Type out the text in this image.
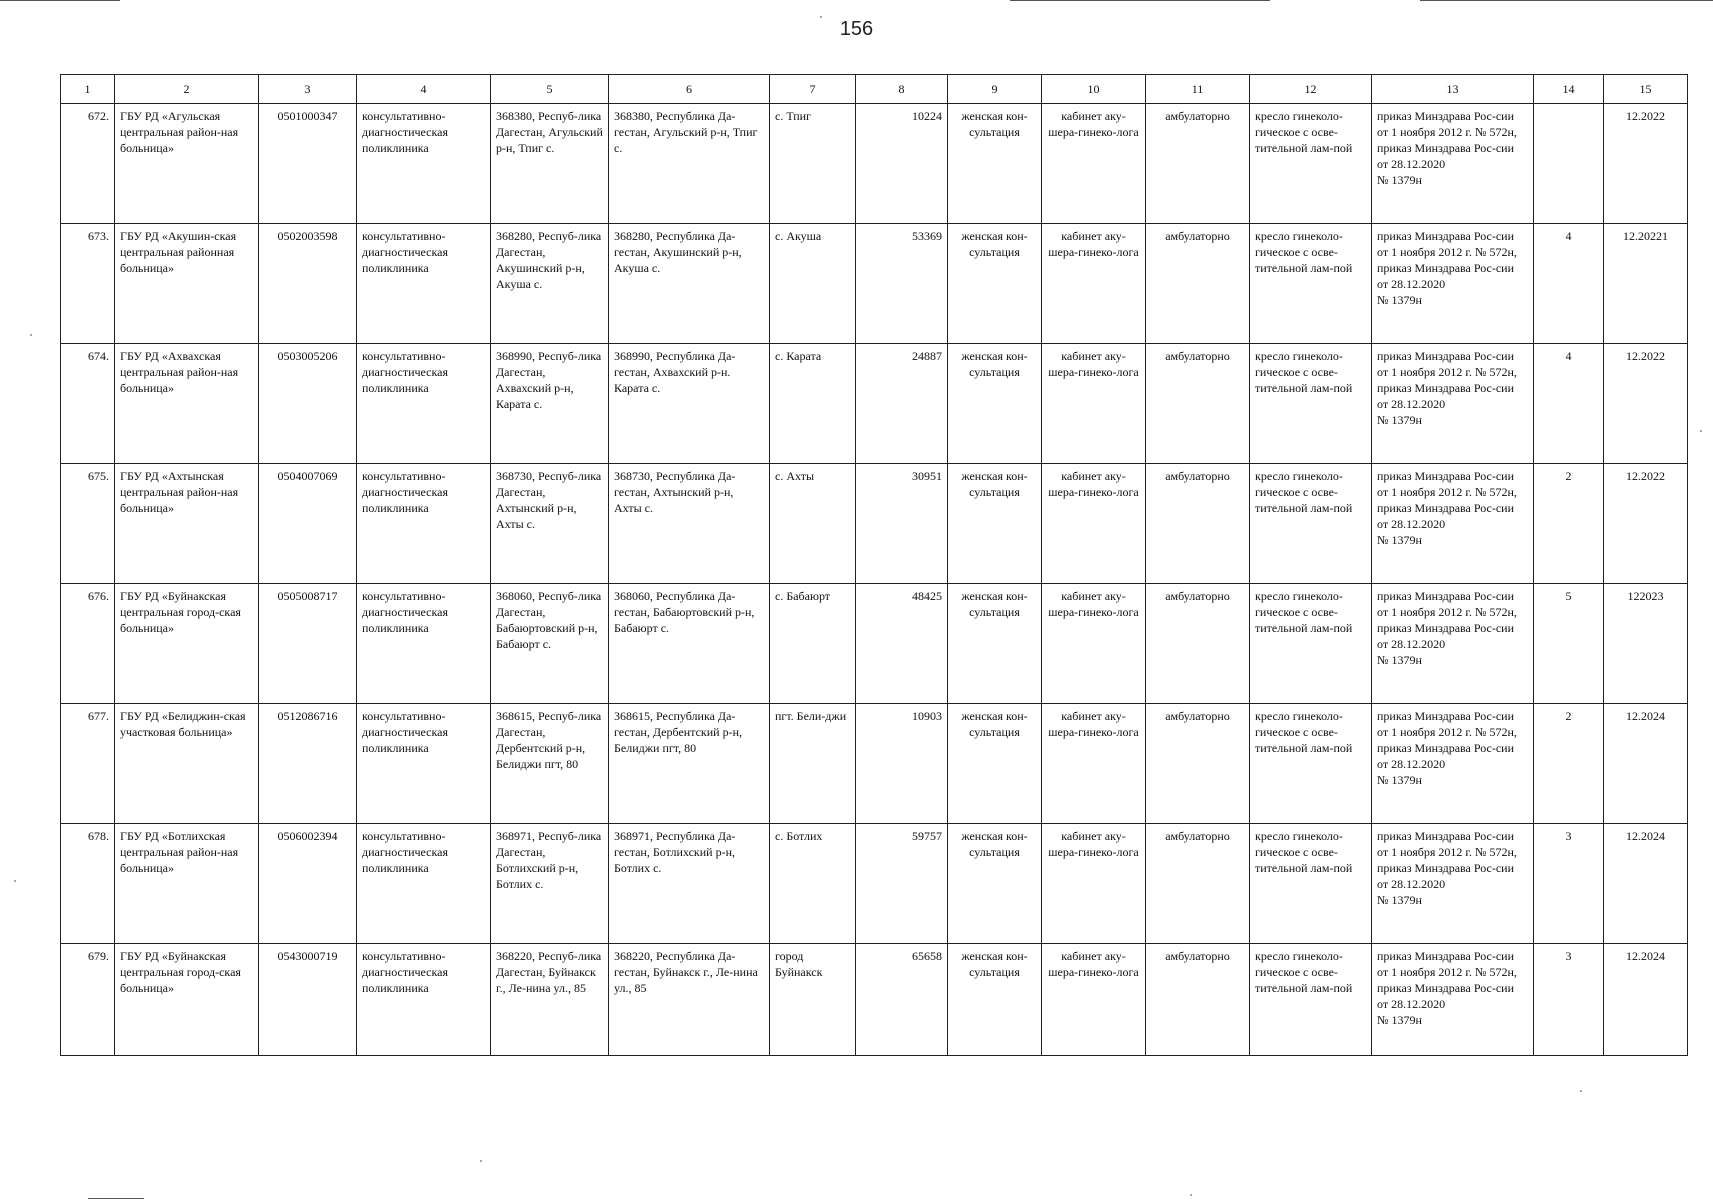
156
1	2	3	4	5	6	7	8	9	10	11	12	13	14	15
672.	ГБУ РД «Агульская центральная район-ная больница»	0501000347	консультативно-диагностическая поликлиника	368380, Респуб-лика Дагестан, Агульский р-н, Тпиг с.	368380, Республика Да-гестан, Агульский р-н, Тпиг с.	с. Тпиг	10224	женская кон-сультация	кабинет аку-шера-гинеко-лога	амбулаторно	кресло гинеколо-гическое с осве-тительной лам-пой	приказ Минздрава Рос-сии от 1 ноября 2012 г. № 572н,
приказ Минздрава Рос-сии от 28.12.2020
№ 1379н		12.2022
673.	ГБУ РД «Акушин-ская центральная районная больница»	0502003598	консультативно-диагностическая поликлиника	368280, Респуб-лика Дагестан, Акушинский р-н, Акуша с.	368280, Республика Да-гестан, Акушинский р-н, Акуша с.	с. Акуша	53369	женская кон-сультация	кабинет аку-шера-гинеко-лога	амбулаторно	кресло гинеколо-гическое с осве-тительной лам-пой	приказ Минздрава Рос-сии от 1 ноября 2012 г. № 572н,
приказ Минздрава Рос-сии от 28.12.2020
№ 1379н	4	12.20221
674.	ГБУ РД «Ахвахская центральная район-ная больница»	0503005206	консультативно-диагностическая поликлиника	368990, Респуб-лика Дагестан, Ахвахский р-н, Карата с.	368990, Республика Да-гестан, Ахвахский р-н. Карата с.	с. Карата	24887	женская кон-сультация	кабинет аку-шера-гинеко-лога	амбулаторно	кресло гинеколо-гическое с осве-тительной лам-пой	приказ Минздрава Рос-сии от 1 ноября 2012 г. № 572н,
приказ Минздрава Рос-сии от 28.12.2020
№ 1379н	4	12.2022
675.	ГБУ РД «Ахтынская центральная район-ная больница»	0504007069	консультативно-диагностическая поликлиника	368730, Респуб-лика Дагестан, Ахтынский р-н, Ахты с.	368730, Республика Да-гестан, Ахтынский р-н, Ахты с.	с. Ахты	30951	женская кон-сультация	кабинет аку-шера-гинеко-лога	амбулаторно	кресло гинеколо-гическое с осве-тительной лам-пой	приказ Минздрава Рос-сии от 1 ноября 2012 г. № 572н,
приказ Минздрава Рос-сии от 28.12.2020
№ 1379н	2	12.2022
676.	ГБУ РД «Буйнакская центральная город-ская больница»	0505008717	консультативно-диагностическая поликлиника	368060, Респуб-лика Дагестан, Бабаюртовский р-н, Бабаюрт с.	368060, Республика Да-гестан, Бабаюртовский р-н, Бабаюрт с.	с. Бабаюрт	48425	женская кон-сультация	кабинет аку-шера-гинеко-лога	амбулаторно	кресло гинеколо-гическое с осве-тительной лам-пой	приказ Минздрава Рос-сии от 1 ноября 2012 г. № 572н,
приказ Минздрава Рос-сии от 28.12.2020
№ 1379н	5	122023
677.	ГБУ РД «Белиджин-ская участковая больница»	0512086716	консультативно-диагностическая поликлиника	368615, Респуб-лика Дагестан, Дербентский р-н, Белиджи пгт, 80	368615, Республика Да-гестан, Дербентский р-н, Белиджи пгт, 80	пгт. Бели-джи	10903	женская кон-сультация	кабинет аку-шера-гинеко-лога	амбулаторно	кресло гинеколо-гическое с осве-тительной лам-пой	приказ Минздрава Рос-сии от 1 ноября 2012 г. № 572н,
приказ Минздрава Рос-сии от 28.12.2020
№ 1379н	2	12.2024
678.	ГБУ РД «Ботлихская центральная район-ная больница»	0506002394	консультативно-диагностическая поликлиника	368971, Респуб-лика Дагестан, Ботлихский р-н, Ботлих с.	368971, Республика Да-гестан, Ботлихский р-н, Ботлих с.	с. Ботлих	59757	женская кон-сультация	кабинет аку-шера-гинеко-лога	амбулаторно	кресло гинеколо-гическое с осве-тительной лам-пой	приказ Минздрава Рос-сии от 1 ноября 2012 г. № 572н,
приказ Минздрава Рос-сии от 28.12.2020
№ 1379н	3	12.2024
679.	ГБУ РД «Буйнакская центральная город-ская больница»	0543000719	консультативно-диагностическая поликлиника	368220, Респуб-лика Дагестан, Буйнакск г., Ле-нина ул., 85	368220, Республика Да-гестан, Буйнакск г., Ле-нина ул., 85	город Буйнакск	65658	женская кон-сультация	кабинет аку-шера-гинеко-лога	амбулаторно	кресло гинеколо-гическое с осве-тительной лам-пой	приказ Минздрава Рос-сии от 1 ноября 2012 г. № 572н,
приказ Минздрава Рос-сии от 28.12.2020
№ 1379н	3	12.2024
